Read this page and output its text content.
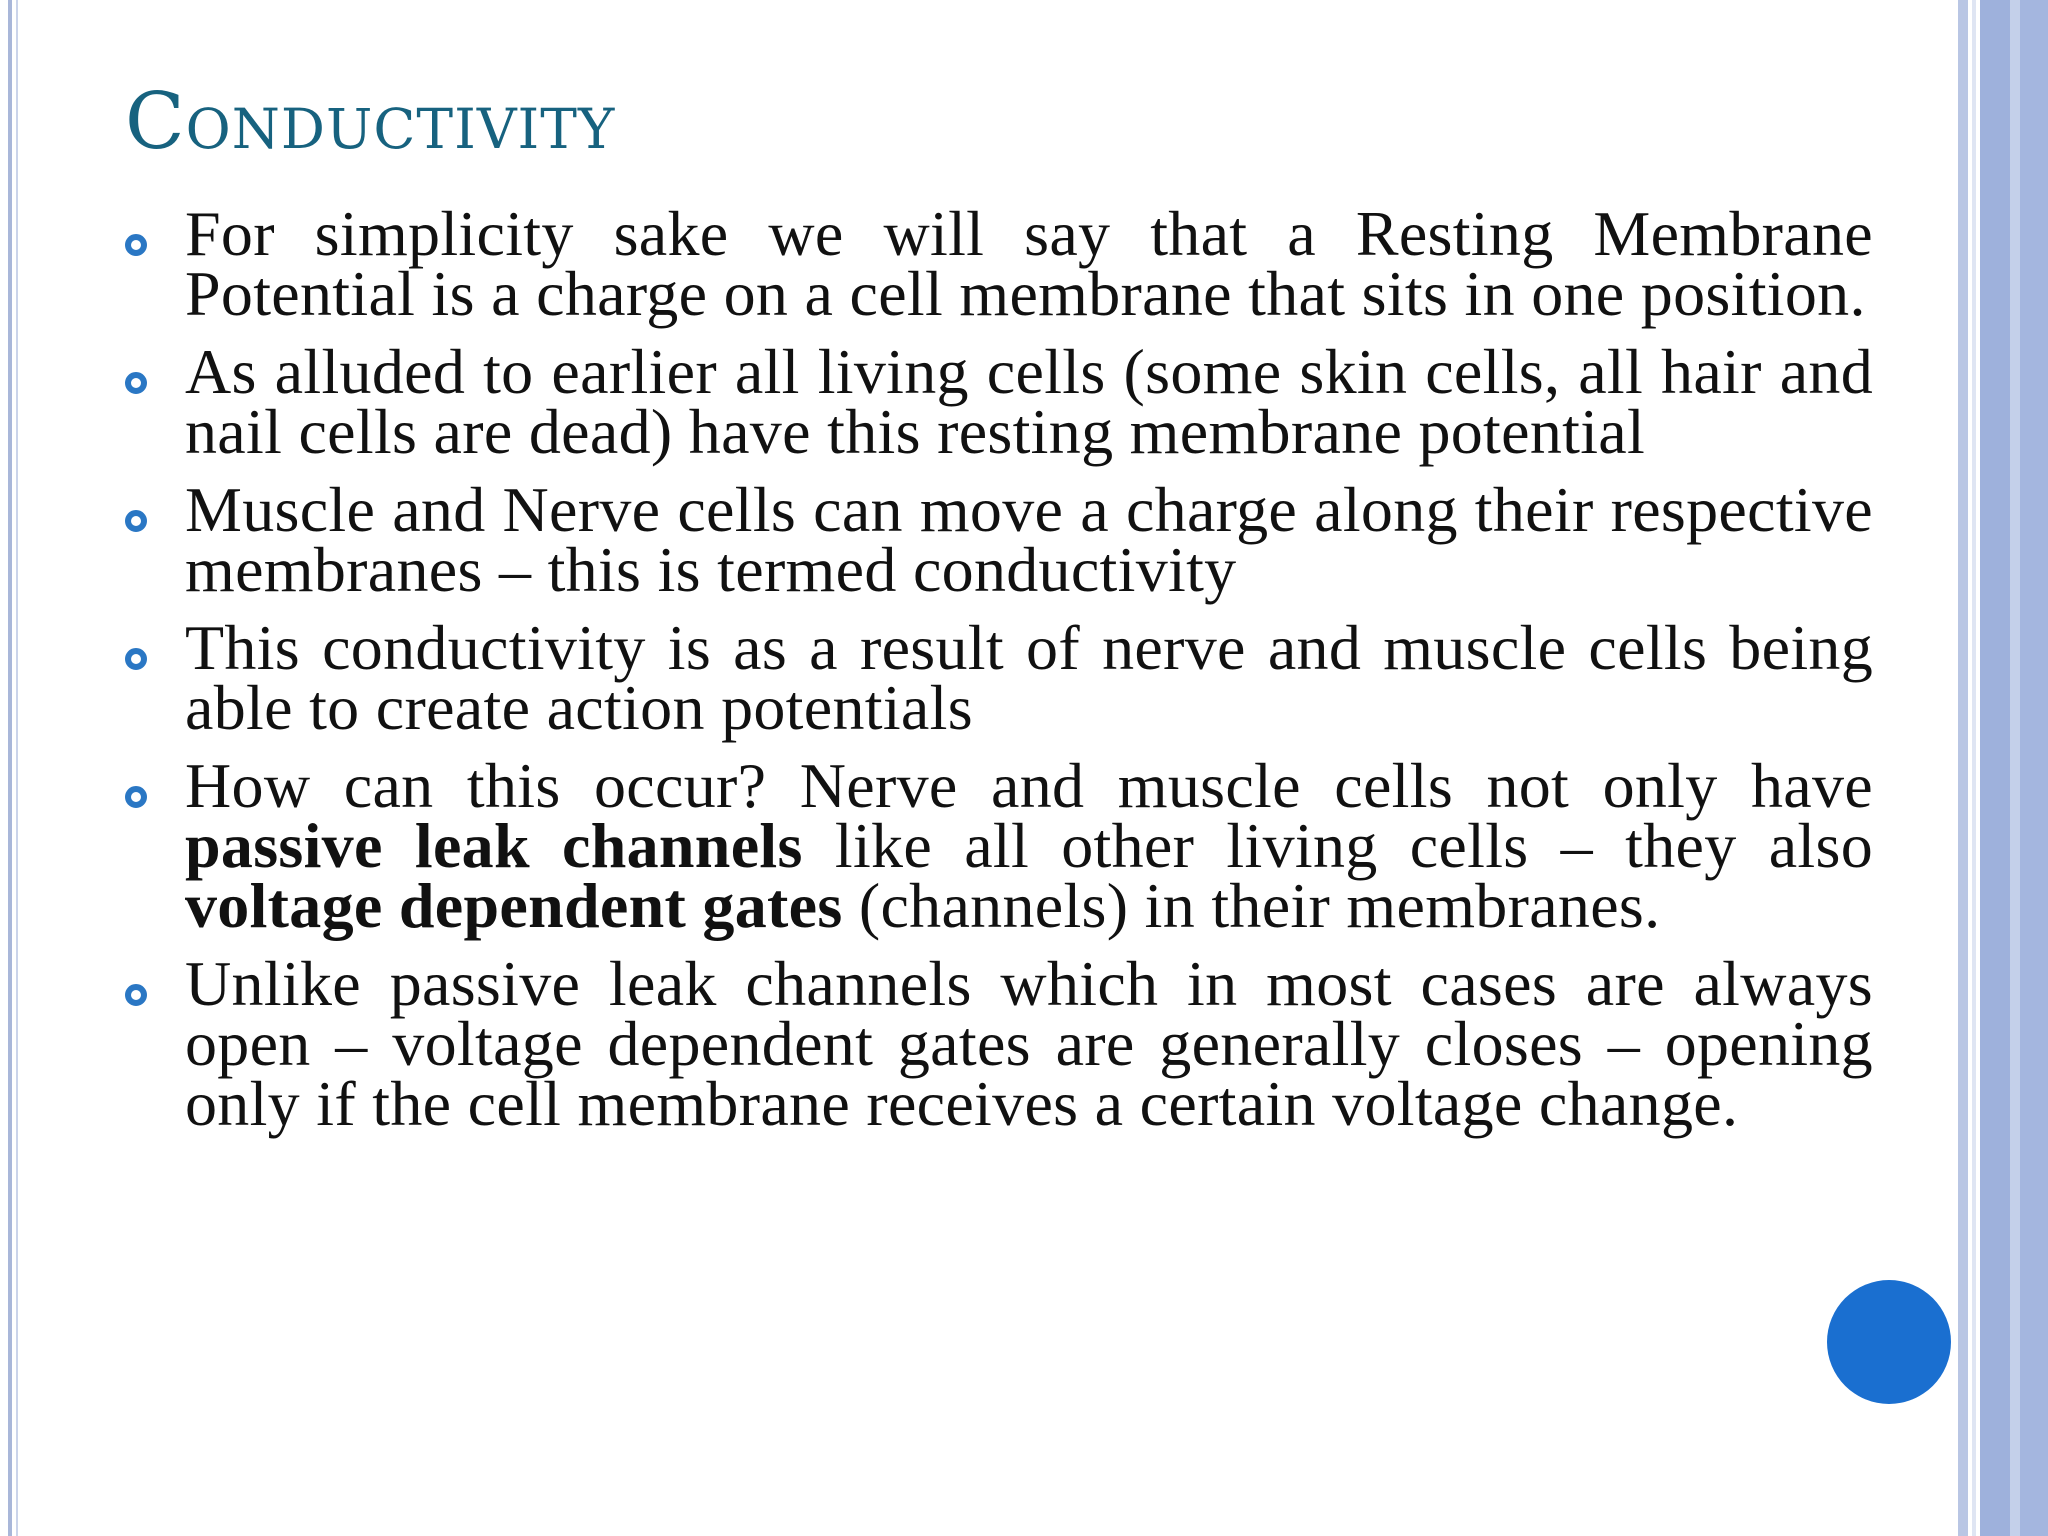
Conductivity
For simplicity sake we will say that a Resting Membrane Potential is a charge on a cell membrane that sits in one position.
As alluded to earlier all living cells (some skin cells, all hair and nail cells are dead) have this resting membrane potential
Muscle and Nerve cells can move a charge along their respective membranes – this is termed conductivity
This conductivity is as a result of nerve and muscle cells being able to create action potentials
How can this occur? Nerve and muscle cells not only have passive leak channels like all other living cells – they also voltage dependent gates (channels) in their membranes.
Unlike passive leak channels which in most cases are always open – voltage dependent gates are generally closes – opening only if the cell membrane receives a certain voltage change.
